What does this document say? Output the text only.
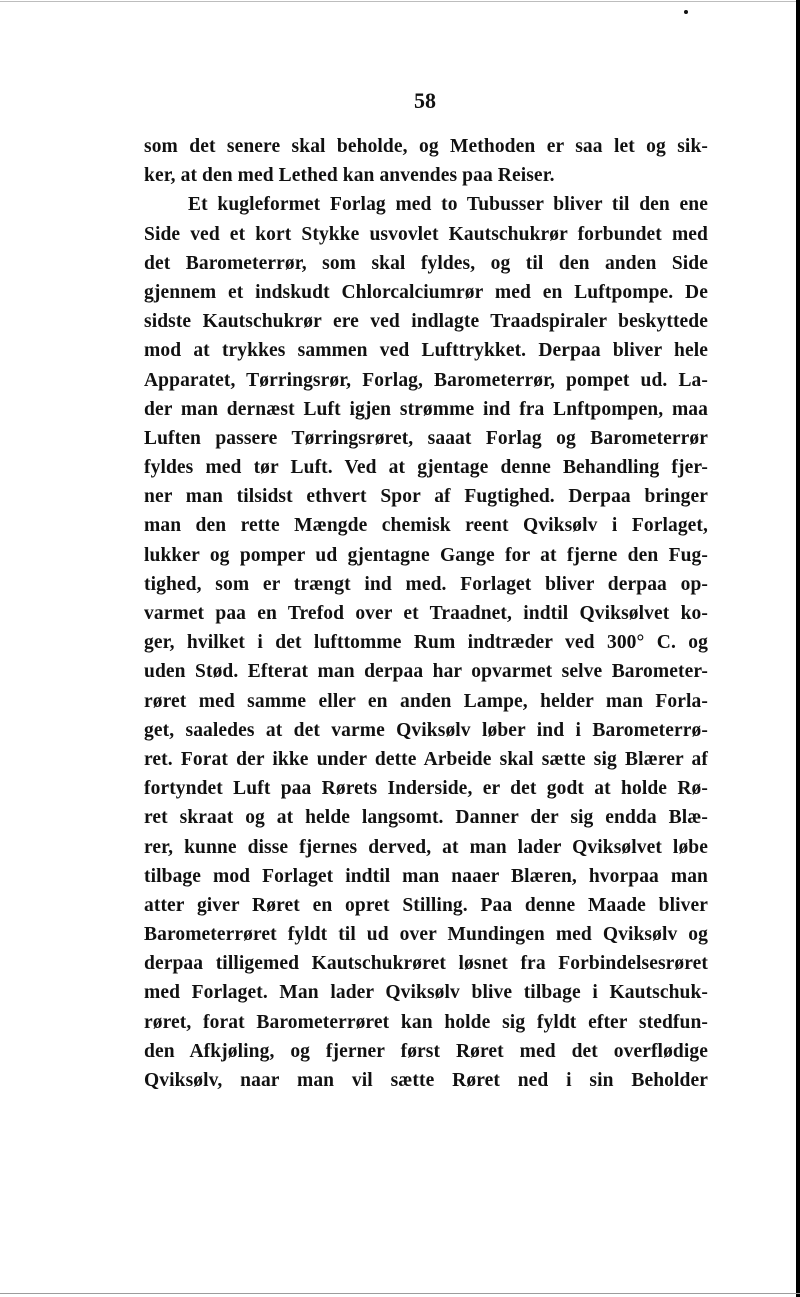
58
som det senere skal beholde, og Methoden er saa let og sik-
ker, at den med Lethed kan anvendes paa Reiser.
Et kugleformet Forlag med to Tubusser bliver til den ene
Side ved et kort Stykke usvovlet Kautschukrør forbundet med
det Barometerrør, som skal fyldes, og til den anden Side
gjennem et indskudt Chlorcalciumrør med en Luftpompe. De
sidste Kautschukrør ere ved indlagte Traadspiraler beskyttede
mod at trykkes sammen ved Lufttrykket. Derpaa bliver hele
Apparatet, Tørringsrør, Forlag, Barometerrør, pompet ud. La-
der man dernæst Luft igjen strømme ind fra Lnftpompen, maa
Luften passere Tørringsrøret, saaat Forlag og Barometerrør
fyldes med tør Luft. Ved at gjentage denne Behandling fjer-
ner man tilsidst ethvert Spor af Fugtighed. Derpaa bringer
man den rette Mængde chemisk reent Qviksølv i Forlaget,
lukker og pomper ud gjentagne Gange for at fjerne den Fug-
tighed, som er trængt ind med. Forlaget bliver derpaa op-
varmet paa en Trefod over et Traadnet, indtil Qviksølvet ko-
ger, hvilket i det lufttomme Rum indtræder ved 300° C. og
uden Stød. Efterat man derpaa har opvarmet selve Barometer-
røret med samme eller en anden Lampe, helder man Forla-
get, saaledes at det varme Qviksølv løber ind i Barometerrø-
ret. Forat der ikke under dette Arbeide skal sætte sig Blærer af
fortyndet Luft paa Rørets Inderside, er det godt at holde Rø-
ret skraat og at helde langsomt. Danner der sig endda Blæ-
rer, kunne disse fjernes derved, at man lader Qviksølvet løbe
tilbage mod Forlaget indtil man naaer Blæren, hvorpaa man
atter giver Røret en opret Stilling. Paa denne Maade bliver
Barometerrøret fyldt til ud over Mundingen med Qviksølv og
derpaa tilligemed Kautschukrøret løsnet fra Forbindelsesrøret
med Forlaget. Man lader Qviksølv blive tilbage i Kautschuk-
røret, forat Barometerrøret kan holde sig fyldt efter stedfun-
den Afkjøling, og fjerner først Røret med det overflødige
Qviksølv, naar man vil sætte Røret ned i sin Beholder
